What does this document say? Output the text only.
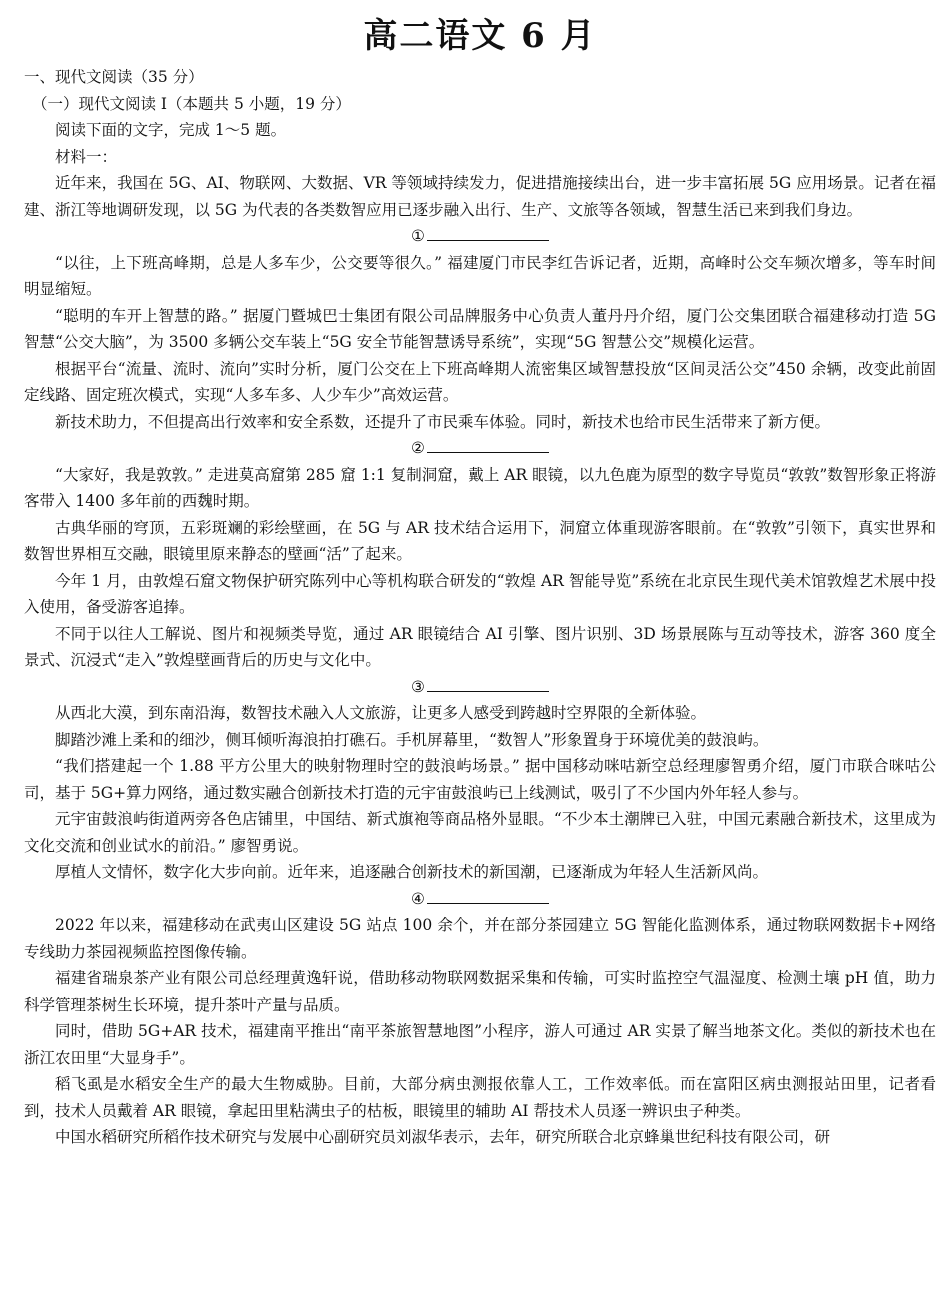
高二语文 6 月

一、现代文阅读（35 分）

（一）现代文阅读 I（本题共 5 小题，19 分）

阅读下面的文字，完成 1～5 题。

材料一：

近年来，我国在 5G、AI、物联网、大数据、VR 等领域持续发力，促进措施接续出台，进一步丰富拓展 5G 应用场景。记者在福建、浙江等地调研发现，以 5G 为代表的各类数智应用已逐步融入出行、生产、文旅等各领域，智慧生活已来到我们身边。

①

“以往，上下班高峰期，总是人多车少，公交要等很久。” 福建厦门市民李红告诉记者，近期，高峰时公交车频次增多，等车时间明显缩短。

“聪明的车开上智慧的路。” 据厦门暨城巴士集团有限公司品牌服务中心负责人董丹丹介绍，厦门公交集团联合福建移动打造 5G 智慧“公交大脑”，为 3500 多辆公交车装上“5G 安全节能智慧诱导系统”，实现“5G 智慧公交”规模化运营。

根据平台“流量、流时、流向”实时分析，厦门公交在上下班高峰期人流密集区域智慧投放“区间灵活公交”450 余辆，改变此前固定线路、固定班次模式，实现“人多车多、人少车少”高效运营。

新技术助力，不但提高出行效率和安全系数，还提升了市民乘车体验。同时，新技术也给市民生活带来了新方便。

②

“大家好，我是敦敦。” 走进莫高窟第 285 窟 1:1 复制洞窟，戴上 AR 眼镜，以九色鹿为原型的数字导览员“敦敦”数智形象正将游客带入 1400 多年前的西魏时期。

古典华丽的穹顶，五彩斑斓的彩绘壁画，在 5G 与 AR 技术结合运用下，洞窟立体重现游客眼前。在“敦敦”引领下，真实世界和数智世界相互交融，眼镜里原来静态的壁画“活”了起来。

今年 1 月，由敦煌石窟文物保护研究陈列中心等机构联合研发的“敦煌 AR 智能导览”系统在北京民生现代美术馆敦煌艺术展中投入使用，备受游客追捧。

不同于以往人工解说、图片和视频类导览，通过 AR 眼镜结合 AI 引擎、图片识别、3D 场景展陈与互动等技术，游客 360 度全景式、沉浸式“走入”敦煌壁画背后的历史与文化中。

③

从西北大漠，到东南沿海，数智技术融入人文旅游，让更多人感受到跨越时空界限的全新体验。

脚踏沙滩上柔和的细沙，侧耳倾听海浪拍打礁石。手机屏幕里，“数智人”形象置身于环境优美的鼓浪屿。

“我们搭建起一个 1.88 平方公里大的映射物理时空的鼓浪屿场景。” 据中国移动咪咕新空总经理廖智勇介绍，厦门市联合咪咕公司，基于 5G+算力网络，通过数实融合创新技术打造的元宇宙鼓浪屿已上线测试，吸引了不少国内外年轻人参与。

元宇宙鼓浪屿街道两旁各色店铺里，中国结、新式旗袍等商品格外显眼。“不少本土潮牌已入驻，中国元素融合新技术，这里成为文化交流和创业试水的前沿。” 廖智勇说。

厚植人文情怀，数字化大步向前。近年来，追逐融合创新技术的新国潮，已逐渐成为年轻人生活新风尚。

④

2022 年以来，福建移动在武夷山区建设 5G 站点 100 余个，并在部分茶园建立 5G 智能化监测体系，通过物联网数据卡+网络专线助力茶园视频监控图像传输。

福建省瑞泉茶产业有限公司总经理黄逸轩说，借助移动物联网数据采集和传输，可实时监控空气温湿度、检测土壤 pH 值，助力科学管理茶树生长环境，提升茶叶产量与品质。

同时，借助 5G+AR 技术，福建南平推出“南平茶旅智慧地图”小程序，游人可通过 AR 实景了解当地茶文化。类似的新技术也在浙江农田里“大显身手”。

稻飞虱是水稻安全生产的最大生物威胁。目前，大部分病虫测报依靠人工，工作效率低。而在富阳区病虫测报站田里，记者看到，技术人员戴着 AR 眼镜，拿起田里粘满虫子的枯板，眼镜里的辅助 AI 帮技术人员逐一辨识虫子种类。

中国水稻研究所稻作技术研究与发展中心副研究员刘淑华表示，去年，研究所联合北京蜂巢世纪科技有限公司，研
